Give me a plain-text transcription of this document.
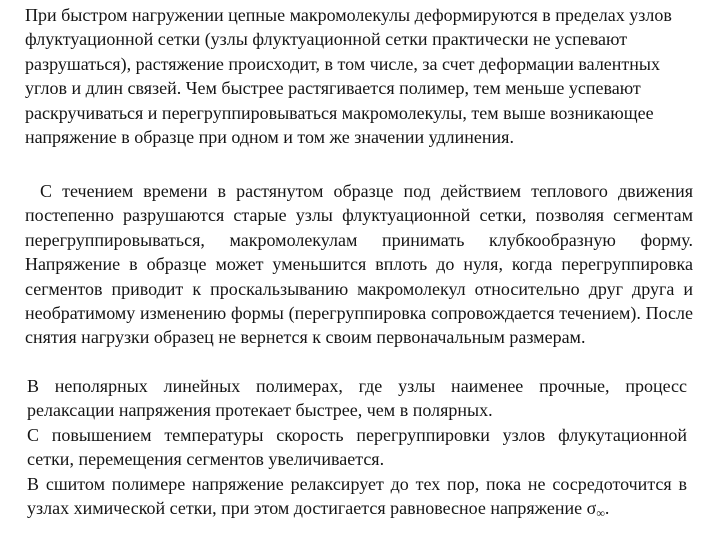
При быстром нагружении цепные макромолекулы деформируются в пределах узлов флуктуационной сетки (узлы флуктуационной сетки практически не успевают разрушаться), растяжение происходит, в том числе, за счет деформации валентных углов и длин связей. Чем быстрее растягивается полимер, тем меньше успевают раскручиваться и перегруппировываться макромолекулы, тем выше возникающее напряжение в образце при одном и том же значении удлинения.

С течением времени в растянутом образце под действием теплового движения постепенно разрушаются старые узлы флуктуационной сетки, позволяя сегментам перегруппировываться, макромолекулам принимать клубкообразную форму. Напряжение в образце может уменьшится вплоть до нуля, когда перегруппировка сегментов приводит к проскальзыванию макромолекул относительно друг друга и необратимому изменению формы (перегруппировка сопровождается течением). После снятия нагрузки образец не вернется к своим первоначальным размерам.

В неполярных линейных полимерах, где узлы наименее прочные, процесс релаксации напряжения протекает быстрее, чем в полярных.

С повышением температуры скорость перегруппировки узлов флукутационной сетки, перемещения сегментов увеличивается.

В сшитом полимере напряжение релаксирует до тех пор, пока не сосредоточится в узлах химической сетки, при этом достигается равновесное напряжение $\sigma_\infty$.
